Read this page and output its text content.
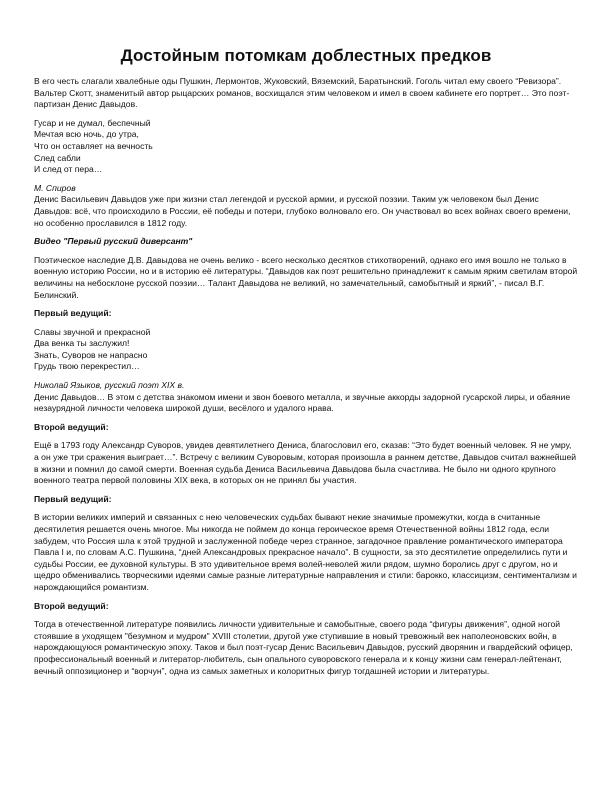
Достойным потомкам доблестных предков

В его честь слагали хвалебные оды Пушкин, Лермонтов, Жуковский, Вяземский, Баратынский. Гоголь читал ему своего “Ревизора”. Вальтер Скотт, знаменитый автор рыцарских романов, восхищался этим человеком и имел в своем кабинете его портрет… Это поэт-партизан Денис Давыдов.

Гусар и не думал, беспечный
Мечтая всю ночь, до утра,
Что он оставляет на вечность
След сабли
И след от пера…
М. Спиров

Денис Васильевич Давыдов уже при жизни стал легендой и русской армии, и русской поэзии. Таким уж человеком был Денис Давыдов: всё, что происходило в России, её победы и потери, глубоко волновало его. Он участвовал во всех войнах своего времени, но особенно прославился в 1812 году.

Видео "Первый русский диверсант"

Поэтическое наследие Д.В. Давыдова не очень велико - всего несколько десятков стихотворений, однако его имя вошло не только в военную историю России, но и в историю её литературы. “Давыдов как поэт решительно принадлежит к самым ярким светилам второй величины на небосклоне русской поэзии… Талант Давыдова не великий, но замечательный, самобытный и яркий”, - писал В.Г. Белинский.

Первый ведущий:
Славы звучной и прекрасной
Два венка ты заслужил!
Знать, Суворов не напрасно
Грудь твою перекрестил…
Николай Языков, русский поэт XIX в.

Денис Давыдов… В этом с детства знакомом имени и звон боевого металла, и звучные аккорды задорной гусарской лиры, и обаяние незаурядной личности человека широкой души, весёлого и удалого нрава.

Второй ведущий:

Ещё в 1793 году Александр Суворов, увидев девятилетнего Дениса, благословил его, сказав: “Это будет военный человек. Я не умру, а он уже три сражения выиграет…”. Встречу с великим Суворовым, которая произошла в раннем детстве, Давыдов считал важнейшей в жизни и помнил до самой смерти. Военная судьба Дениса Васильевича Давыдова была счастлива. Не было ни одного крупного военного театра первой половины XIX века, в которых он не принял бы участия.

Первый ведущий:

В истории великих империй и связанных с нею человеческих судьбах бывают некие значимые промежутки, когда в считанные десятилетия решается очень многое. Мы никогда не поймем до конца героическое время Отечественной войны 1812 года, если забудем, что Россия шла к этой трудной и заслуженной победе через странное, загадочное правление романтического императора Павла I и, по словам А.С. Пушкина, “дней Александровых прекрасное начало”. В сущности, за это десятилетие определились пути и судьбы России, ее духовной культуры. В это удивительное время волей-неволей жили рядом, шумно боролись друг с другом, но и щедро обменивались творческими идеями самые разные литературные направления и стили: барокко, классицизм, сентиментализм и нарождающийся романтизм.

Второй ведущий:

Тогда в отечественной литературе появились личности удивительные и самобытные, своего рода “фигуры движения”, одной ногой стоявшие в уходящем "безумном и мудром" XVIII столетии, другой уже ступившие в новый тревожный век наполеоновских войн, в нарождающуюся романтическую эпоху. Таков и был поэт-гусар Денис Васильевич Давыдов, русский дворянин и гвардейский офицер, профессиональный военный и литератор-любитель, сын опального суворовского генерала и к концу жизни сам генерал-лейтенант, вечный оппозиционер и “ворчун”, одна из самых заметных и колоритных фигур тогдашней истории и литературы.
